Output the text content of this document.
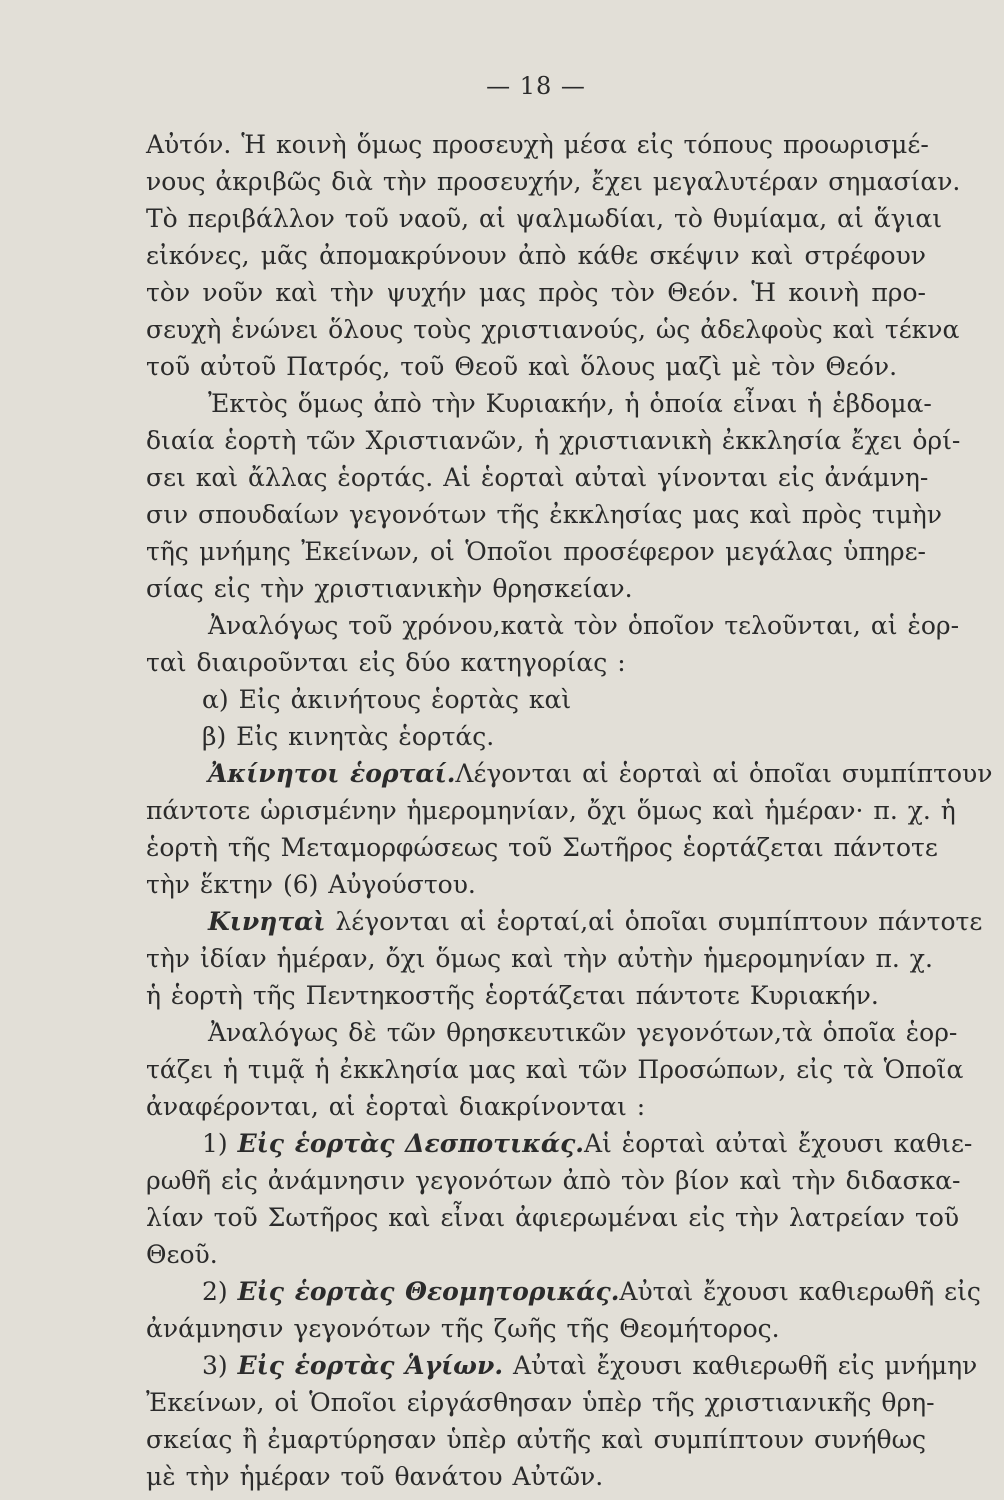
— 18 —
Αὐτόν. Ἡ κοινὴ ὅμως προσευχὴ μέσα εἰς τόπους προωρισμέ-
νους ἀκριβῶς διὰ τὴν προσευχήν, ἔχει μεγαλυτέραν σημασίαν.
Τὸ περιβάλλον τοῦ ναοῦ, αἱ ψαλμωδίαι, τὸ θυμίαμα, αἱ ἅγιαι
εἰκόνες, μᾶς ἀπομακρύνουν ἀπὸ κάθε σκέψιν καὶ στρέφουν
τὸν νοῦν καὶ τὴν ψυχήν μας πρὸς τὸν Θεόν. Ἡ κοινὴ προ-
σευχὴ ἑνώνει ὅλους τοὺς χριστιανούς, ὡς ἀδελφοὺς καὶ τέκνα
τοῦ αὐτοῦ Πατρός, τοῦ Θεοῦ καὶ ὅλους μαζὶ μὲ τὸν Θεόν.
Ἐκτὸς ὅμως ἀπὸ τὴν Κυριακήν, ἡ ὁποία εἶναι ἡ ἑβδομα-
διαία ἑορτὴ τῶν Χριστιανῶν, ἡ χριστιανικὴ ἐκκλησία ἔχει ὁρί-
σει καὶ ἄλλας ἑορτάς. Αἱ ἑορταὶ αὐταὶ γίνονται εἰς ἀνάμνη-
σιν σπουδαίων γεγονότων τῆς ἐκκλησίας μας καὶ πρὸς τιμὴν
τῆς μνήμης Ἐκείνων, οἱ Ὁποῖοι προσέφερον μεγάλας ὑπηρε-
σίας εἰς τὴν χριστιανικὴν θρησκείαν.
Ἀναλόγως τοῦ χρόνου,κατὰ τὸν ὁποῖον τελοῦνται, αἱ ἑορ-
ταὶ διαιροῦνται εἰς δύο κατηγορίας :
α) Εἰς ἀκινήτους ἑορτὰς καὶ
β) Εἰς κινητὰς ἑορτάς.
Ἀκίνητοι ἑορταί.Λέγονται αἱ ἑορταὶ αἱ ὁποῖαι συμπίπτουν
πάντοτε ὡρισμένην ἡμερομηνίαν, ὄχι ὅμως καὶ ἡμέραν· π. χ. ἡ
ἑορτὴ τῆς Μεταμορφώσεως τοῦ Σωτῆρος ἑορτάζεται πάντοτε
τὴν ἕκτην (6) Αὐγούστου.
Κινηταὶ λέγονται αἱ ἑορταί,αἱ ὁποῖαι συμπίπτουν πάντοτε
τὴν ἰδίαν ἡμέραν, ὄχι ὅμως καὶ τὴν αὐτὴν ἡμερομηνίαν π. χ.
ἡ ἑορτὴ τῆς Πεντηκοστῆς ἑορτάζεται πάντοτε Κυριακήν.
Ἀναλόγως δὲ τῶν θρησκευτικῶν γεγονότων,τὰ ὁποῖα ἑορ-
τάζει ἡ τιμᾷ ἡ ἐκκλησία μας καὶ τῶν Προσώπων, εἰς τὰ Ὁποῖα
ἀναφέρονται, αἱ ἑορταὶ διακρίνονται :
1) Εἰς ἑορτὰς Δεσποτικάς.Αἱ ἑορταὶ αὐταὶ ἔχουσι καθιε-
ρωθῆ εἰς ἀνάμνησιν γεγονότων ἀπὸ τὸν βίον καὶ τὴν διδασκα-
λίαν τοῦ Σωτῆρος καὶ εἶναι ἀφιερωμέναι εἰς τὴν λατρείαν τοῦ
Θεοῦ.
2) Εἰς ἑορτὰς Θεομητορικάς.Αὐταὶ ἔχουσι καθιερωθῆ εἰς
ἀνάμνησιν γεγονότων τῆς ζωῆς τῆς Θεομήτορος.
3) Εἰς ἑορτὰς Ἁγίων. Αὐταὶ ἔχουσι καθιερωθῆ εἰς μνήμην
Ἐκείνων, οἱ Ὁποῖοι εἰργάσθησαν ὑπὲρ τῆς χριστιανικῆς θρη-
σκείας ἢ ἐμαρτύρησαν ὑπὲρ αὐτῆς καὶ συμπίπτουν συνήθως
μὲ τὴν ἡμέραν τοῦ θανάτου Αὐτῶν.
